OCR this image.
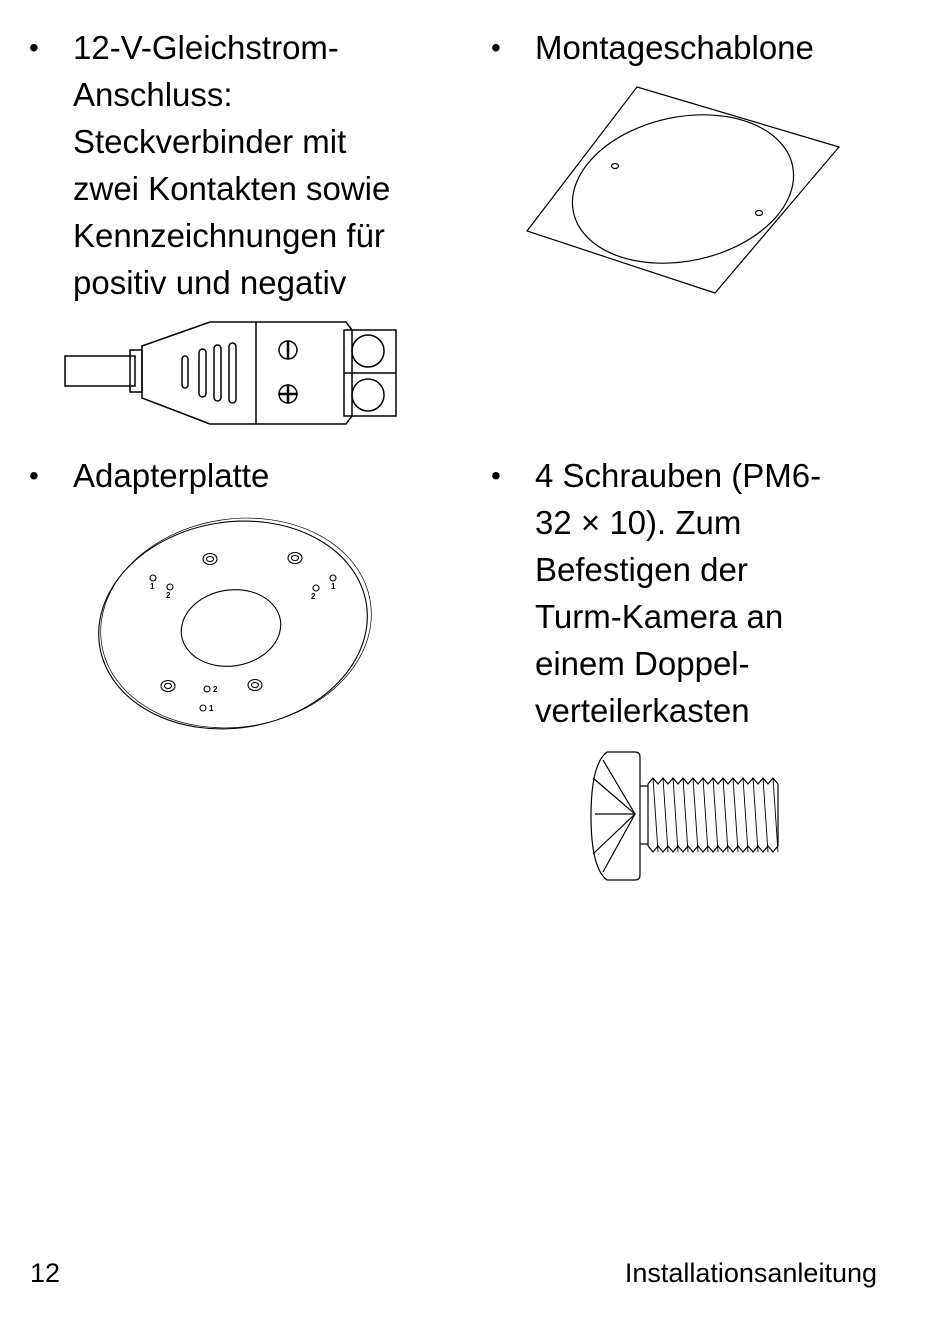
• 12-V-Gleichstrom-
Anschluss:
Steckverbinder mit
zwei Kontakten sowie
Kennzeichnungen für
positiv und negativ
• Montageschablone
• Adapterplatte
1
2	2
1
2
1
• 4 Schrauben (PM6-
32 × 10). Zum
Befestigen der
Turm-Kamera an
einem Doppel-
verteilerkasten
12	Installationsanleitung
